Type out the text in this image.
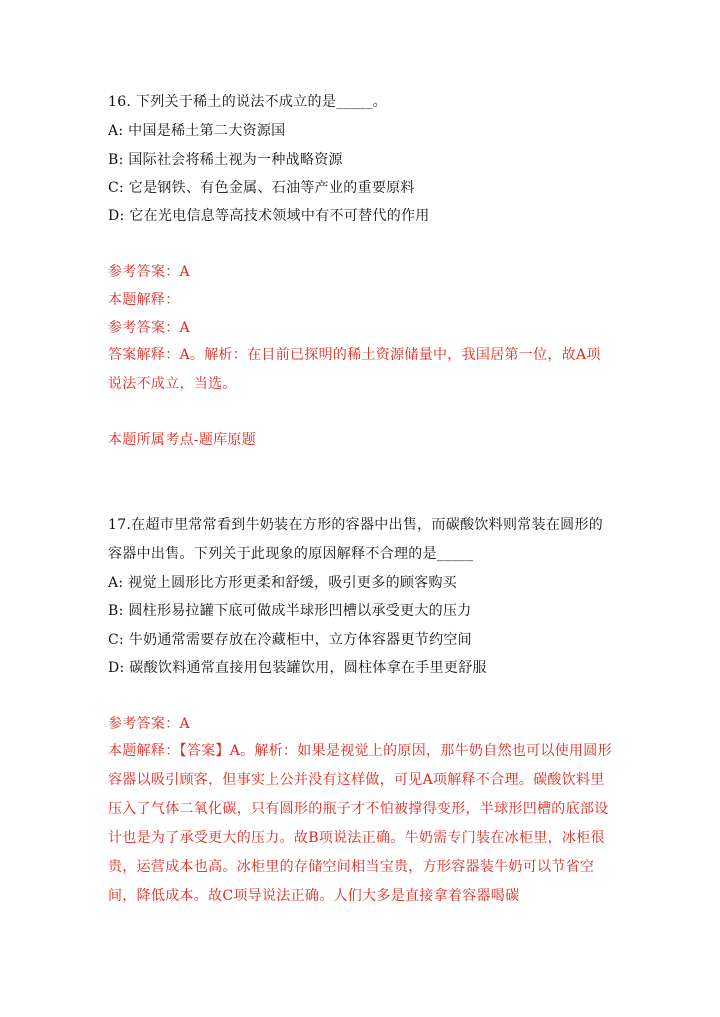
16. 下列关于稀土的说法不成立的是_____。
A: 中国是稀土第二大资源国
B: 国际社会将稀土视为一种战略资源
C: 它是钢铁、有色金属、石油等产业的重要原料
D: 它在光电信息等高技术领域中有不可替代的作用
参考答案：A
本题解释：
参考答案：A
答案解释：A。解析：在目前已探明的稀土资源储量中，我国居第一位，故A项说法不成立，当选。
本题所属考点-题库原题
17.在超市里常常看到牛奶装在方形的容器中出售，而碳酸饮料则常装在圆形的容器中出售。下列关于此现象的原因解释不合理的是_____
A: 视觉上圆形比方形更柔和舒缓，吸引更多的顾客购买
B: 圆柱形易拉罐下底可做成半球形凹槽以承受更大的压力
C: 牛奶通常需要存放在冷藏柜中，立方体容器更节约空间
D: 碳酸饮料通常直接用包装罐饮用，圆柱体拿在手里更舒服
参考答案：A
本题解释：【答案】A。解析：如果是视觉上的原因，那牛奶自然也可以使用圆形容器以吸引顾客，但事实上公并没有这样做，可见A项解释不合理。碳酸饮料里压入了气体二氧化碳，只有圆形的瓶子才不怕被撑得变形，半球形凹槽的底部设计也是为了承受更大的压力。故B项说法正确。牛奶需专门装在冰柜里，冰柜很贵，运营成本也高。冰柜里的存储空间相当宝贵，方形容器装牛奶可以节省空间，降低成本。故C项导说法正确。人们大多是直接拿着容器喝碳
